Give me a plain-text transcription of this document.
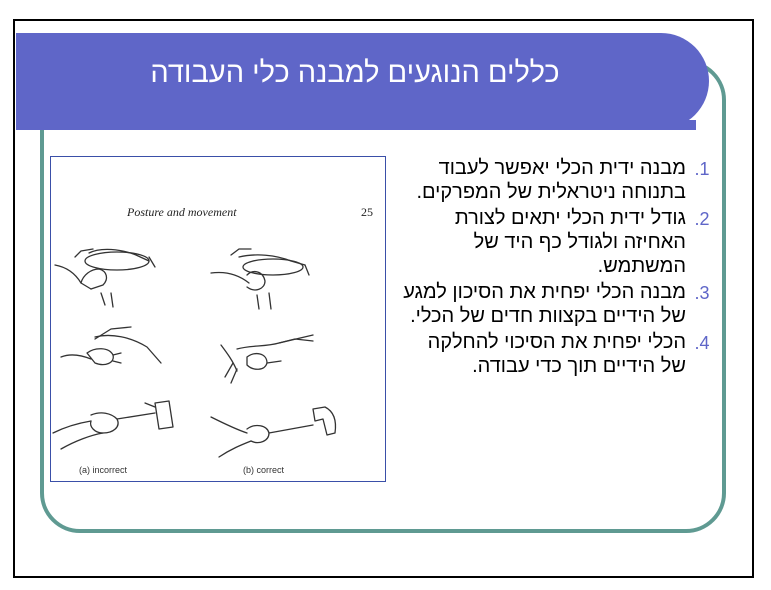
כללים הנוגעים למבנה כלי העבודה
Posture and movement	25
(a) incorrect	(b) correct
1.
מבנה ידית הכלי יאפשר לעבוד בתנוחה ניטראלית של המפרקים.
2.
גודל ידית הכלי יתאים לצורת האחיזה ולגודל כף היד של המשתמש.
3.
מבנה הכלי יפחית את הסיכון למגע של הידיים בקצוות חדים של הכלי.
4.
הכלי יפחית את הסיכוי להחלקה של הידיים תוך כדי עבודה.
